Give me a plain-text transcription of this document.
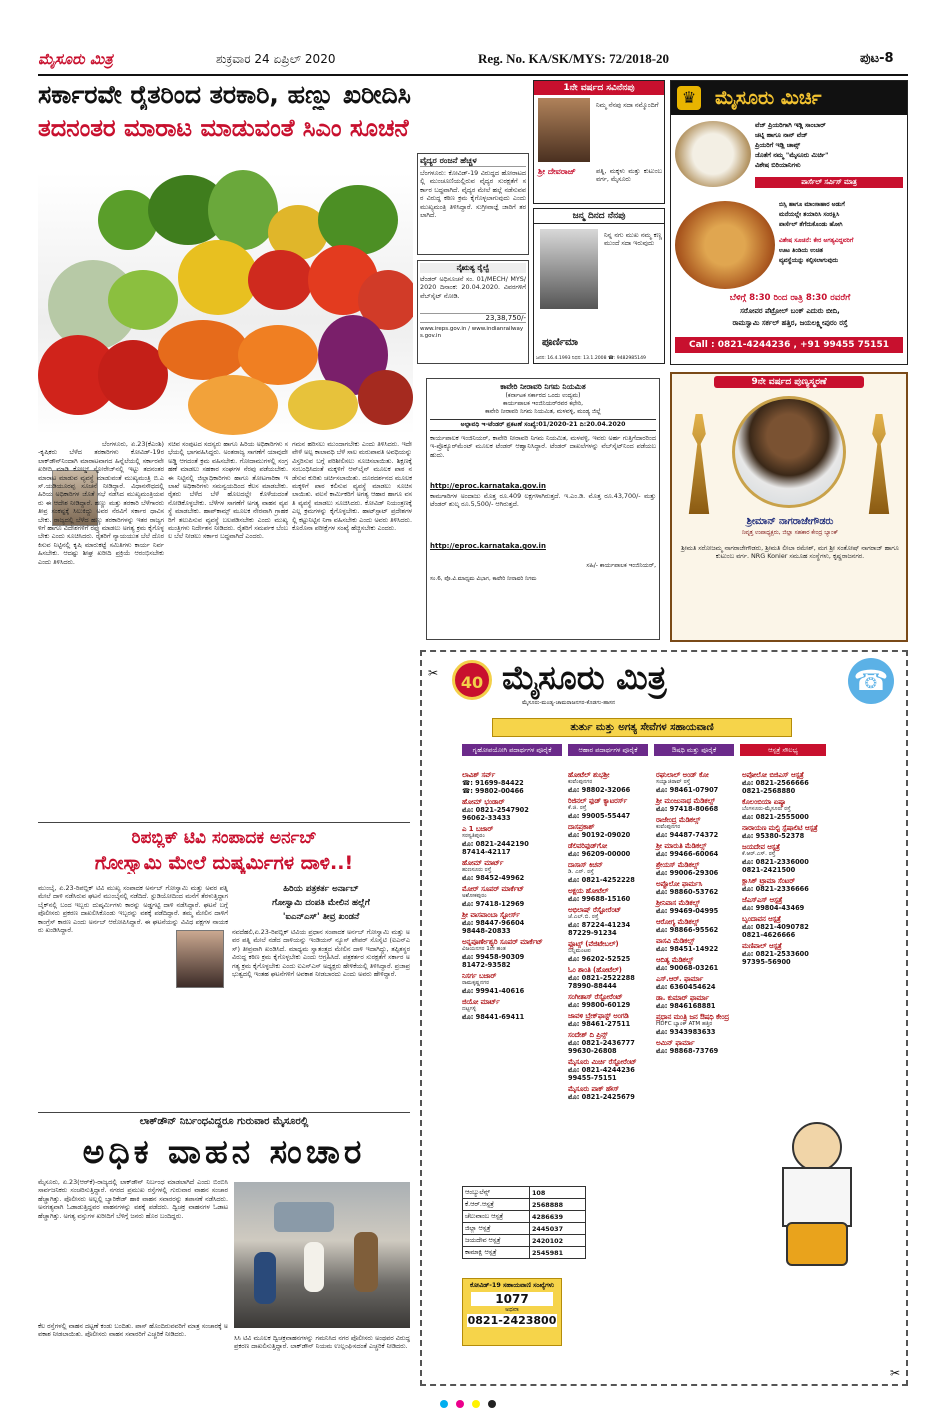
ಮೈಸೂರು ಮಿತ್ರ	ಶುಕ್ರವಾರ 24 ಏಪ್ರಿಲ್ 2020	Reg. No. KA/SK/MYS: 72/2018-20	ಪುಟ-8
ಸರ್ಕಾರವೇ ರೈತರಿಂದ ತರಕಾರಿ, ಹಣ್ಣು ಖರೀದಿಸಿ
ತದನಂತರ ಮಾರಾಟ ಮಾಡುವಂತೆ ಸಿಎಂ ಸೂಚನೆ
ಬೆಂಗಳೂರು, ಏ.23(ಕೆಎಂಶಿ)-ಕೃಷಿಕರು ಬೆಳೆದ ತರಕಾರಿಗಳು ಕೋವಿಡ್-19ರ ಲಾಕ್‌ಡೌನ್‌ನಿಂದಾಗಿ ಮಾರಾಟವಾಗದ ಹಿನ್ನೆಲೆಯಲ್ಲಿ ಸರ್ಕಾರವೇ ಖರೀದಿ ಮಾಡಿ ಕೋಲ್ಡ್ ಸ್ಟೋರೇಜ್‌ನಲ್ಲಿ ಇಟ್ಟು ತದನಂತರ ಮಾರಾಟ ಮಾಡುವ ವ್ಯವಸ್ಥೆ ಮಾಡುವಂತೆ ಮುಖ್ಯಮಂತ್ರಿ ಬಿ.ಎಸ್.ಯಡಿಯೂರಪ್ಪ ಸೂಚನೆ ನೀಡಿದ್ದಾರೆ. ವಿಧಾನಸೌಧದಲ್ಲಿ ಹಿರಿಯ ಅಧಿಕಾರಿಗಳ ಜೊತೆ ಸಭೆ ನಡೆಸಿದ ಮುಖ್ಯಮಂತ್ರಿಯವರು ಈ ಆದೇಶ ನೀಡಿದ್ದಾರೆ. ಹಣ್ಣು ಮತ್ತು ತರಕಾರಿ ಬೆಳೆಗಾರರು ತೀವ್ರ ಸಂಕಷ್ಟಕ್ಕೆ ಸಿಲುಕಿದ್ದು ಅವರ ನೆರವಿಗೆ ಸರ್ಕಾರ ಧಾವಿಸಬೇಕು. ರಾಜ್ಯದಲ್ಲಿ ಬೆಳೆದ ಹಣ್ಣು ತರಕಾರಿಗಳನ್ನು ಇತರ ರಾಜ್ಯಗಳಿಗೆ ಹಾಗೂ ವಿದೇಶಗಳಿಗೆ ರಫ್ತು ಮಾಡಲು ಅಗತ್ಯ ಕ್ರಮ ಕೈಗೊಳ್ಳಬೇಕು ಎಂದು ಸೂಚಿಸಿದರು. ರೈತರಿಗೆ ನ್ಯಾಯಯುತ ಬೆಲೆ ದೊರಕಿಸುವ ನಿಟ್ಟಿನಲ್ಲಿ ಕೃಷಿ ಮಾರುಕಟ್ಟೆ ಸಮಿತಿಗಳು ಕಾರ್ಯ ನಿರ್ವಹಿಸಬೇಕು. ಆದಷ್ಟು ಶೀಘ್ರ ಖರೀದಿ ಪ್ರಕ್ರಿಯೆ ಆರಂಭಿಸಬೇಕು ಎಂದು ತಿಳಿಸಿದರು.
ಸಚಿವ ಸಂಪುಟದ ಸದಸ್ಯರು ಹಾಗೂ ಹಿರಿಯ ಅಧಿಕಾರಿಗಳು ಸಭೆಯಲ್ಲಿ ಭಾಗವಹಿಸಿದ್ದರು. ಅಂತರಾಜ್ಯ ಸಾಗಣೆಗೆ ಯಾವುದೇ ಅಡ್ಡಿ ಆಗದಂತೆ ಕ್ರಮ ವಹಿಸಬೇಕು. ಗೋದಾಮುಗಳಲ್ಲಿ ಸಂಗ್ರಹಣೆ ಮಾಡಲು ಸಹಕಾರ ಸಂಘಗಳ ನೆರವು ಪಡೆಯಬೇಕು. ಈ ನಿಟ್ಟಿನಲ್ಲಿ ಜಿಲ್ಲಾಧಿಕಾರಿಗಳು ಹಾಗೂ ತೋಟಗಾರಿಕಾ ಇಲಾಖೆ ಅಧಿಕಾರಿಗಳು ಸಮನ್ವಯದಿಂದ ಕೆಲಸ ಮಾಡಬೇಕು. ರೈತರು ಬೆಳೆದ ಬೆಳೆ ಹೊಲದಲ್ಲೇ ಕೊಳೆಯದಂತೆ ನೋಡಿಕೊಳ್ಳಬೇಕು. ಬೆಳೆಗಳ ಸಾಗಣೆಗೆ ಅಗತ್ಯ ವಾಹನ ವ್ಯವಸ್ಥೆ ಮಾಡಬೇಕು. ಹಾಪ್‌ಕಾಮ್ಸ್ ಮೂಲಕ ನೇರವಾಗಿ ಗ್ರಾಹಕರಿಗೆ ತಲುಪಿಸುವ ವ್ಯವಸ್ಥೆ ಬಲಪಡಿಸಬೇಕು ಎಂದು ಮುಖ್ಯಮಂತ್ರಿಗಳು ನಿರ್ದೇಶನ ನೀಡಿದರು. ರೈತರಿಗೆ ಸಮರ್ಪಕ ಬೆಂಬಲ ಬೆಲೆ ನೀಡಲು ಸರ್ಕಾರ ಬದ್ಧವಾಗಿದೆ ಎಂದರು.
ಗಮನ ಹರಿಸಲು ಮುಂದಾಗಬೇಕು ಎಂದು ತಿಳಿಸಿದರು. ಇದೇ ವೇಳೆ ಅಲ್ಪ ಕಾಲಾವಧಿ ಬೆಳೆ ಸಾಲ ಮರುಪಾವತಿ ಅವಧಿಯನ್ನು ವಿಸ್ತರಿಸುವ ಬಗ್ಗೆ ಪರಿಶೀಲಿಸಲು ಸೂಚಿಸಲಾಯಿತು. ಶಿಕ್ಷಣಕ್ಕೆ ಸಂಬಂಧಿಸಿದಂತೆ ಮಕ್ಕಳಿಗೆ ಆನ್‌ಲೈನ್ ಮೂಲಕ ಪಾಠ ನಡೆಸುವ ಕುರಿತು ಚರ್ಚಿಸಲಾಯಿತು. ದೂರದರ್ಶನದ ಮೂಲಕ ಮಕ್ಕಳಿಗೆ ಪಾಠ ಕಲಿಸುವ ವ್ಯವಸ್ಥೆ ಮಾಡಲು ಸೂಚಿಸಲಾಯಿತು. ವಲಸೆ ಕಾರ್ಮಿಕರಿಗೆ ಅಗತ್ಯ ಆಹಾರ ಹಾಗೂ ವಸತಿ ವ್ಯವಸ್ಥೆ ಮಾಡಲು ಸೂಚಿಸಿದರು. ಕೋವಿಡ್ ನಿಯಂತ್ರಣಕ್ಕೆ ಎಲ್ಲ ಕ್ರಮಗಳನ್ನು ಕೈಗೊಳ್ಳಬೇಕು. ಹಾಟ್‌ಸ್ಪಾಟ್ ಪ್ರದೇಶಗಳಲ್ಲಿ ಕಟ್ಟುನಿಟ್ಟಿನ ನಿಗಾ ವಹಿಸಬೇಕು ಎಂದು ಅವರು ತಿಳಿಸಿದರು. ಕೊರೊನಾ ಪರೀಕ್ಷೆಗಳ ಸಂಖ್ಯೆ ಹೆಚ್ಚಿಸಬೇಕು ಎಂದರು.
ವೈದ್ಯರ ರಂಜನೆ ಹೆಚ್ಚಳ
ಬೆಂಗಳೂರು: ಕೋವಿಡ್‌-19 ವಿರುದ್ಧದ ಹೋರಾಟದಲ್ಲಿ ಮುಂಚೂಣಿಯಲ್ಲಿರುವ ವೈದ್ಯರ ಸುರಕ್ಷತೆಗೆ ಸರ್ಕಾರ ಬದ್ಧವಾಗಿದೆ. ವೈದ್ಯರ ಮೇಲೆ ಹಲ್ಲೆ ನಡೆಸುವವರ ವಿರುದ್ಧ ಕಠಿಣ ಕ್ರಮ ಕೈಗೊಳ್ಳಲಾಗುವುದು ಎಂದು ಮುಖ್ಯಮಂತ್ರಿ ತಿಳಿಸಿದ್ದಾರೆ. ಸುಗ್ರೀವಾಜ್ಞೆ ಜಾರಿಗೆ ತರಲಾಗಿದೆ.
ನೈಋತ್ಯ ರೈಲ್ವೆ
ಟೆಂಡರ್ ಅಧಿಸೂಚನೆ ಸಂ. 01/MECH/ MYS/2020 ದಿನಾಂಕ: 20.04.2020. ವಿವರಗಳಿಗೆ ವೆಬ್‌ಸೈಟ್ ನೋಡಿ.
23,38,750/-
www.ireps.gov.in / www.indianrailways.gov.in
1ನೇ ವರ್ಷದ ಸವಿನೆನಪು
ನಿಮ್ಮ ನೆನಪು ಸದಾ ನಮ್ಮೊಂದಿಗೆ
ಶ್ರೀ ದೇವರಾಜ್	ಪತ್ನಿ, ಮಕ್ಕಳು ಮತ್ತು ಕುಟುಂಬ ವರ್ಗ, ಮೈಸೂರು
ಜನ್ಮ ದಿನದ ನೆನಪು
ನಿನ್ನ ನಗು ಮುಖ ನಮ್ಮ ಕಣ್ಣಮುಂದೆ ಸದಾ ಇರುವುದು
ಪೂರ್ಣಿಮಾ
ಜನನ: 16.4.1993 ನಿಧನ: 13.1.2008 ☎: 9482985149
♛ ಮೈಸೂರು ಮಿರ್ಚಿ
ವೆಜ್ ಪ್ರಿಯರಿಗಾಗಿ ಇಡ್ಲಿ ಸಾಂಬಾರ್
ಚಟ್ನಿ ಹಾಗೂ ನಾನ್ ವೆಜ್
ಪ್ರಿಯರಿಗೆ ಇಡ್ಲಿ ಚಾಪ್ಸ್
ಜೊತೆಗೆ ನಮ್ಮ "ಮೈಸೂರು ಮಿರ್ಚಿ"
ವಿಶೇಷ ಬಿರಿಯಾನಿಗಳು
ಪಾರ್ಸೆಲ್ ಸರ್ವಿಸ್ ಮಾತ್ರ
ಬಿಸ್ಸಿ ಹಾಗೂ ಮಾಂಸಾಹಾರ ಅಡುಗೆ
ಮನೆಯಲ್ಲೇ ತಯಾರಿಸಿ ಸಂರಕ್ಷಿಸಿ
ಪಾರ್ಸೆಲ್ ತೆಗೆದುಕೊಂಡು ಹೋಗಿ
ವಿಶೇಷ ಸೂಚನೆ: ಕೇರ ಅಗತ್ಯವಿದ್ದವರಿಗೆ
ಊಟ ತಿಂಡಿಯ ಉಚಿತ
ವ್ಯವಸ್ಥೆಯನ್ನು ಕಲ್ಪಿಸಲಾಗುವುದು
ಬೆಳಿಗ್ಗೆ 8:30 ರಿಂದ ರಾತ್ರಿ 8:30 ರವರೆಗೆ
ಸರೋವರ ಪೆಟ್ರೋಲ್ ಬಂಕ್ ಎದುರು ಬೀದಿ,
ರಾಮಸ್ವಾಮಿ ಸರ್ಕಲ್ ಹತ್ತಿರ, ಜಯಲಕ್ಷ್ಮೀಪುರಂ ರಸ್ತೆ
Call : 0821-4244236 , +91 99455 75151
ಕಾವೇರಿ ನೀರಾವರಿ ನಿಗಮ ನಿಯಮಿತ
(ಕರ್ನಾಟಕ ಸರ್ಕಾರದ ಒಂದು ಉದ್ಯಮ)
ಕಾರ್ಯಪಾಲಕ ಇಂಜಿನಿಯರ್‌ರವರ ಕಛೇರಿ,
ಕಾವೇರಿ ನೀರಾವರಿ ನಿಗಮ ನಿಯಮಿತ, ಮಳವಳ್ಳಿ, ಮಂಡ್ಯ ಜಿಲ್ಲೆ
ಅಲ್ಪಾವಧಿ ಇ-ಟೆಂಡರ್ ಪ್ರಕಟಣೆ ಸಂಖ್ಯೆ:01/2020-21 ದಿ:20.04.2020
ಕಾರ್ಯಪಾಲಕ ಇಂಜಿನಿಯರ್, ಕಾವೇರಿ ನೀರಾವರಿ ನಿಗಮ ನಿಯಮಿತ, ಮಳವಳ್ಳಿ, ಇವರು ಅರ್ಹ ಗುತ್ತಿಗೆದಾರರಿಂದ ಇ-ಪ್ರೊಕ್ಯೂರ್‌ಮೆಂಟ್ ಮೂಲಕ ಟೆಂಡರ್ ಆಹ್ವಾನಿಸಿದ್ದಾರೆ. ಟೆಂಡರ್ ದಾಖಲೆಗಳನ್ನು ವೆಬ್‌ಸೈಟ್‌ನಿಂದ ಪಡೆಯಬಹುದು.
http://eproc.karnataka.gov.in
ಕಾಮಗಾರಿಗಳ ಅಂದಾಜು ಮೊತ್ತ ರೂ.409 ಲಕ್ಷಗಳಾಗಿರುತ್ತದೆ. ಇ.ಎಂ.ಡಿ. ಮೊತ್ತ ರೂ.43,700/- ಮತ್ತು ಟೆಂಡರ್ ಶುಲ್ಕ ರೂ.5,500/- ಆಗಿರುತ್ತದೆ.
http://eproc.karnataka.gov.in
ಸಹಿ/- ಕಾರ್ಯಪಾಲಕ ಇಂಜಿನಿಯರ್,
ಸಂ.6, ಪೊ.ವಿ.ಮಾಧ್ಯಮ ವಿಭಾಗ, ಕಾವೇರಿ ನೀರಾವರಿ ನಿಗಮ
9ನೇ ವರ್ಷದ ಪುಣ್ಯಸ್ಮರಣೆ
ಶ್ರೀಮಾನ್ ನಾಗರಾಜೇಗೌಡರು
ನಿವೃತ್ತ ಉಪಾಧ್ಯಕ್ಷರು, ಜಿಲ್ಲಾ ಸಹಕಾರ ಕೇಂದ್ರ ಬ್ಯಾಂಕ್
ಶ್ರೀಮತಿ ಸರೋಜಮ್ಮ ನಾಗರಾಜೇಗೌಡರು, ಶ್ರೀಮತಿ ಲೀಲಾ ರಮೇಶ್, ಮಗ ಶ್ರೀ ಸಂತೋಷ್ ನಾಗರಾಜ್ ಹಾಗೂ ಕುಟುಂಬ ವರ್ಗ. NRG Konier ಸಮೂಹ ಸಂಸ್ಥೆಗಳು, ಕೃಷ್ಣರಾಜನಗರ.
ರಿಪಬ್ಲಿಕ್ ಟಿವಿ ಸಂಪಾದಕ ಅರ್ನಬ್
ಗೋಸ್ವಾಮಿ ಮೇಲೆ ದುಷ್ಕರ್ಮಿಗಳ ದಾಳಿ..!
ಮುಂಬೈ, ಏ.23-ರಿಪಬ್ಲಿಕ್ ಟಿವಿ ಮುಖ್ಯ ಸಂಪಾದಕ ಅರ್ನಬ್ ಗೋಸ್ವಾಮಿ ಮತ್ತು ಅವರ ಪತ್ನಿ ಮೇಲೆ ದಾಳಿ ನಡೆಸಿರುವ ಘಟನೆ ಮುಂಬೈನಲ್ಲಿ ನಡೆದಿದೆ. ಸ್ಟುಡಿಯೋದಿಂದ ಮನೆಗೆ ತೆರಳುತ್ತಿದ್ದಾಗ ಬೈಕ್‌ನಲ್ಲಿ ಬಂದ ಇಬ್ಬರು ದುಷ್ಕರ್ಮಿಗಳು ಕಾರನ್ನು ಅಡ್ಡಗಟ್ಟಿ ದಾಳಿ ನಡೆಸಿದ್ದಾರೆ. ಘಟನೆ ಬಗ್ಗೆ ಪೊಲೀಸರು ಪ್ರಕರಣ ದಾಖಲಿಸಿಕೊಂಡು ಇಬ್ಬರನ್ನು ವಶಕ್ಕೆ ಪಡೆದಿದ್ದಾರೆ. ತಮ್ಮ ಮೇಲಿನ ದಾಳಿಗೆ ಕಾಂಗ್ರೆಸ್ ಕಾರಣ ಎಂದು ಅರ್ನಬ್ ಆರೋಪಿಸಿದ್ದಾರೆ. ಈ ಘಟನೆಯನ್ನು ವಿವಿಧ ಪಕ್ಷಗಳ ನಾಯಕರು ಖಂಡಿಸಿದ್ದಾರೆ.
ಹಿರಿಯ ಪತ್ರಕರ್ತ ಅರ್ನಾಬ್
ಗೋಸ್ವಾಮಿ ದಂಪತಿ ಮೇಲಿನ ಹಲ್ಲೆಗೆ
'ಐಎನ್‌ಎಸ್' ತೀವ್ರ ಖಂಡನೆ
ನವದೆಹಲಿ,ಏ.23-ರಿಪಬ್ಲಿಕ್ ಟಿವಿಯ ಪ್ರಧಾನ ಸಂಪಾದಕ ಅರ್ನಬ್ ಗೋಸ್ವಾಮಿ ಮತ್ತು ಅವರ ಪತ್ನಿ ಮೇಲೆ ನಡೆದ ದಾಳಿಯನ್ನು ಇಂಡಿಯನ್ ನ್ಯೂಸ್ ಪೇಪರ್ ಸೊಸೈಟಿ (ಐಎನ್‌ಎಸ್) ತೀವ್ರವಾಗಿ ಖಂಡಿಸಿದೆ. ಮಾಧ್ಯಮ ಸ್ವಾತಂತ್ರ್ಯದ ಮೇಲಿನ ದಾಳಿ ಇದಾಗಿದ್ದು, ತಪ್ಪಿತಸ್ಥರ ವಿರುದ್ಧ ಕಠಿಣ ಕ್ರಮ ಕೈಗೊಳ್ಳಬೇಕು ಎಂದು ಆಗ್ರಹಿಸಿದೆ. ಪತ್ರಕರ್ತರ ಸುರಕ್ಷತೆಗೆ ಸರ್ಕಾರ ಅಗತ್ಯ ಕ್ರಮ ಕೈಗೊಳ್ಳಬೇಕು ಎಂದು ಐಎನ್‌ಎಸ್ ಅಧ್ಯಕ್ಷರು ಹೇಳಿಕೆಯಲ್ಲಿ ತಿಳಿಸಿದ್ದಾರೆ. ಪ್ರಜಾಪ್ರಭುತ್ವದಲ್ಲಿ ಇಂತಹ ಘಟನೆಗಳಿಗೆ ಅವಕಾಶ ನೀಡಬಾರದು ಎಂದು ಅವರು ಹೇಳಿದ್ದಾರೆ.
ಲಾಕ್‌ಡೌನ್ ನಿರ್ಬಂಧವಿದ್ದರೂ ಗುರುವಾರ ಮೈಸೂರಲ್ಲಿ
ಅಧಿಕ ವಾಹನ ಸಂಚಾರ
ಮೈಸೂರು, ಏ.23(ಆರ್‌ಕೆ)-ರಾಜ್ಯದಲ್ಲಿ ಲಾಕ್‌ಡೌನ್ ನಿರ್ಬಂಧ ಮಾಡಲಾಗಿದೆ ಎಂದು ಬಿಂಬಿಸಿ ಸಾರ್ವಜನಿಕರು ಸಂಚರಿಸುತ್ತಿದ್ದಾರೆ. ನಗರದ ಪ್ರಮುಖ ರಸ್ತೆಗಳಲ್ಲಿ ಗುರುವಾರ ವಾಹನ ಸಂಚಾರ ಹೆಚ್ಚಾಗಿತ್ತು. ಪೊಲೀಸರು ಅಲ್ಲಲ್ಲಿ ಬ್ಯಾರಿಕೇಡ್ ಹಾಕಿ ವಾಹನ ಸವಾರರನ್ನು ತಪಾಸಣೆ ನಡೆಸಿದರು. ಅನಗತ್ಯವಾಗಿ ಓಡಾಡುತ್ತಿದ್ದವರ ವಾಹನಗಳನ್ನು ವಶಕ್ಕೆ ಪಡೆದರು. ದ್ವಿಚಕ್ರ ವಾಹನಗಳ ಓಡಾಟ ಹೆಚ್ಚಾಗಿತ್ತು. ಅಗತ್ಯ ವಸ್ತುಗಳ ಖರೀದಿಗೆ ಬೆಳಿಗ್ಗೆ ಜನರು ಹೊರ ಬಂದಿದ್ದರು.
ಕೆಲ ರಸ್ತೆಗಳಲ್ಲಿ ವಾಹನ ದಟ್ಟಣೆ ಕಂಡು ಬಂದಿತು. ಪಾಸ್ ಹೊಂದಿರುವವರಿಗೆ ಮಾತ್ರ ಸಂಚಾರಕ್ಕೆ ಅವಕಾಶ ನೀಡಲಾಯಿತು. ಪೊಲೀಸರು ವಾಹನ ಸವಾರರಿಗೆ ಎಚ್ಚರಿಕೆ ನೀಡಿದರು.	ಸಿಸಿ ಟಿವಿ ಮೂಲಕ ದ್ವಿಚಕ್ರವಾಹನಗಳನ್ನು ಗಮನಿಸಿದ ನಗರ ಪೊಲೀಸರು ಅಂಥವರ ವಿರುದ್ಧ ಪ್ರಕರಣ ದಾಖಲಿಸುತ್ತಿದ್ದಾರೆ. ಲಾಕ್‌ಡೌನ್ ನಿಯಮ ಉಲ್ಲಂಘಿಸದಂತೆ ಎಚ್ಚರಿಕೆ ನೀಡಿದರು.
✂	40 ಮೈಸೂರು ಮಿತ್ರ
ಮೈಸೂರು-ಮಂಡ್ಯ-ಚಾಮರಾಜನಗರ-ಕೊಡಗು-ಹಾಸನ
☎
ತುರ್ತು ಮತ್ತು ಅಗತ್ಯ ಸೇವೆಗಳ ಸಹಾಯವಾಣಿ
ಗೃಹೋಪಯೋಗಿ ಪದಾರ್ಥಗಳ ಪೂರೈಕೆ	ಆಹಾರ ಪದಾರ್ಥಗಳ ಪೂರೈಕೆ	ಔಷಧಿ ಮತ್ತು ಪೂರೈಕೆ	ಆಸ್ಪತ್ರೆ ಸೌಲಭ್ಯ
ಲಾವಿಶ್ ಸರ್ವ್
☎: 91699-84422
☎: 99802-00466
ಹೋಮ್ ಭಂಡಾರ್
ಮೊ: 0821-2547902
96062-33433
ಎ 1 ಬಜಾರ್
ಸರಸ್ವತಿಪುರಂ
ಮೊ: 0821-2442190
87414-42117
ಹೋಮ್ ಮಾರ್ಟ್
ಹುಣಸೂರು ರಸ್ತೆ
ಮೊ: 98452-49962
ಮೋರ್ ಸೂಪರ್ ಮಾರ್ಕೆಟ್
ಅಶೋಕಪುರಂ
ಮೊ: 97418-12969
ಶ್ರೀ ವಾಸವಾಂಬಾ ಸ್ಟೋರ್ಸ್
ಮೊ: 98447-96604
98448-20833
ಅನ್ನಪೂರ್ಣೇಶ್ವರಿ ಸೂಪರ್ ಮಾರ್ಕೆಟ್
ವಿಜಯನಗರ 1ನೇ ಹಂತ
ಮೊ: 99458-90309
81472-93582
ನಿಸರ್ಗ ಬಜಾರ್
ರಾಮಕೃಷ್ಣನಗರ
ಮೊ: 99941-40616
ಜಿಯೋ ಮಾರ್ಟ್
ದಟ್ಟಗಳ್ಳಿ
ಮೊ: 98441-69411
ಹೋಟೆಲ್ ಶುಭಶ್ರೀ
ಕುವೆಂಪುನಗರ
ಮೊ: 98802-32066
ರಿಜಿನಲ್ ಫುಡ್ ಕ್ಯಾಟರರ್ಸ್
ಕೆ.ಜಿ. ರಸ್ತೆ
ಮೊ: 99005-55447
ದಾಸಪ್ರಕಾಶ್
ಮೊ: 90192-09020
ಡೆಲಿವರಿಫುಡ್‌ಗೋ
ಮೊ: 96209-00000
ದಾಸಾಸ್ ಕಿಚನ್
ಡಿ. ಎನ್. ರಸ್ತೆ
ಮೊ: 0821-4252228
ಅಕ್ಷಯ ಹೋಟೆಲ್
ಮೊ: 99688-15160
ಅಭಿಲಾಷ್ ರೆಸ್ಟೋರೆಂಟ್
ಜೆ.ಎಲ್.ಬಿ. ರಸ್ತೆ
ಮೊ: 87224-41234
87229-91234
ಫ್ರೂಟ್ಸ್ (ವೆಜಿಟೇಬಲ್)
ಬನ್ನಿಮಂಟಪ
ಮೊ: 96202-52525
ಓಂ ಶಾಂತಿ (ಹೋಟೆಲ್)
ಮೊ: 0821-2522288
78990-88444
ಸಂಗೀತಾಸ್ ರೆಸ್ಟೋರೆಂಟ್
ಮೊ: 99800-60129
ಜಾವಳಿ ಬ್ರೇಕ್‌ಫಾಸ್ಟ್ ಅಂಗಡಿ
ಮೊ: 98461-27511
ಸಂದೇಶ್ ದಿ ಪ್ರಿನ್ಸ್
ಮೊ: 0821-2436777
99630-26808
ಮೈಸೂರು ಮಿರ್ಚಿ ರೆಸ್ಟೋರೆಂಟ್
ಮೊ: 0821-4244236
99455-75151
ಮೈಸೂರು ಪಾಕ್ ಹೌಸ್
ಮೊ: 0821-2425679
ರಘುಲಾಲ್ ಅಂಡ್ ಕೋ
ಸಯ್ಯಾಜಿರಾವ್ ರಸ್ತೆ
ಮೊ: 98461-07907
ಶ್ರೀ ಮಂಜುನಾಥ ಮೆಡಿಕಲ್ಸ್
ಮೊ: 97418-80668
ರಾಜೇಂದ್ರ ಮೆಡಿಕಲ್ಸ್
ಕುವೆಂಪುನಗರ
ಮೊ: 94487-74372
ಶ್ರೀ ಮಾರುತಿ ಮೆಡಿಕಲ್ಸ್
ಮೊ: 99466-60064
ಶ್ರೇಯಸ್ ಮೆಡಿಕಲ್ಸ್
ಮೊ: 99006-29306
ಅಪ್ಪೊಲೋ ಫಾರ್ಮಸಿ
ಮೊ: 98860-53762
ಶ್ರೀನಿವಾಸ ಮೆಡಿಕಲ್ಸ್
ಮೊ: 99469-04995
ಆರೋಗ್ಯ ಮೆಡಿಕಲ್ಸ್
ಮೊ: 98866-95562
ವಾಸವಿ ಮೆಡಿಕಲ್ಸ್
ಮೊ: 98451-14922
ಆದಿತ್ಯ ಮೆಡಿಕಲ್ಸ್
ಮೊ: 90068-03261
ಎಸ್.ಆರ್. ಫಾರ್ಮಾ
ಮೊ: 6360454624
ಡಾ. ಕುಮಾರ್ ಫಾರ್ಮಾ
ಮೊ: 9846168881
ಪ್ರಧಾನ ಮಂತ್ರಿ ಜನ ಔಷಧಿ ಕೇಂದ್ರ
HDFC ಬ್ಯಾಂಕ್ ATM ಹತ್ತಿರ
ಮೊ: 9343983633
ಅಮಿನ್ ಫಾರ್ಮಾ
ಮೊ: 98868-73769
ಅಪೋಲೋ ಬಿಜಿಎಸ್ ಆಸ್ಪತ್ರೆ
ಮೊ: 0821-2566666
0821-2568880
ಕೊಲಂಬಿಯಾ ಏಷ್ಯಾ
ಬೆಂಗಳೂರು-ಮೈಸೂರು ರಸ್ತೆ
ಮೊ: 0821-2555000
ನಾರಾಯಣ ಮಲ್ಟಿ ಸ್ಪೆಷಾಲಿಟಿ ಆಸ್ಪತ್ರೆ
ಮೊ: 95380-52378
ಜಯದೇವ ಆಸ್ಪತ್ರೆ
ಕೆ.ಆರ್.ಎಸ್. ರಸ್ತೆ
ಮೊ: 0821-2336000
0821-2421500
ಕ್ಲಾಸಿಕ್ ಟ್ರಾಮಾ ಸೆಂಟರ್
ಮೊ: 0821-2336666
ಜೆಎಸ್‌ಎಸ್ ಆಸ್ಪತ್ರೆ
ಮೊ: 99804-43469
ಬೃಂದಾವನ ಆಸ್ಪತ್ರೆ
ಮೊ: 0821-4090782
0821-4626666
ಮಣಿಪಾಲ್ ಆಸ್ಪತ್ರೆ
ಮೊ: 0821-2533600
97395-56900
ಆಂಬ್ಯುಲೆನ್ಸ್	108
ಕೆ.ಆರ್.ಆಸ್ಪತ್ರೆ	2568888
ಚೆಲುವಾಂಬ ಆಸ್ಪತ್ರೆ	4286639
ಜಿಲ್ಲಾ ಆಸ್ಪತ್ರೆ	2445037
ಜಯದೇವ ಆಸ್ಪತ್ರೆ	2420102
ಕಾಮಾಕ್ಷಿ ಆಸ್ಪತ್ರೆ	2545981
ಕೋವಿಡ್-19 ಸಹಾಯವಾಣಿ ಸಂಖ್ಯೆಗಳು
1077
ಅಥವಾ
0821-2423800
✂
